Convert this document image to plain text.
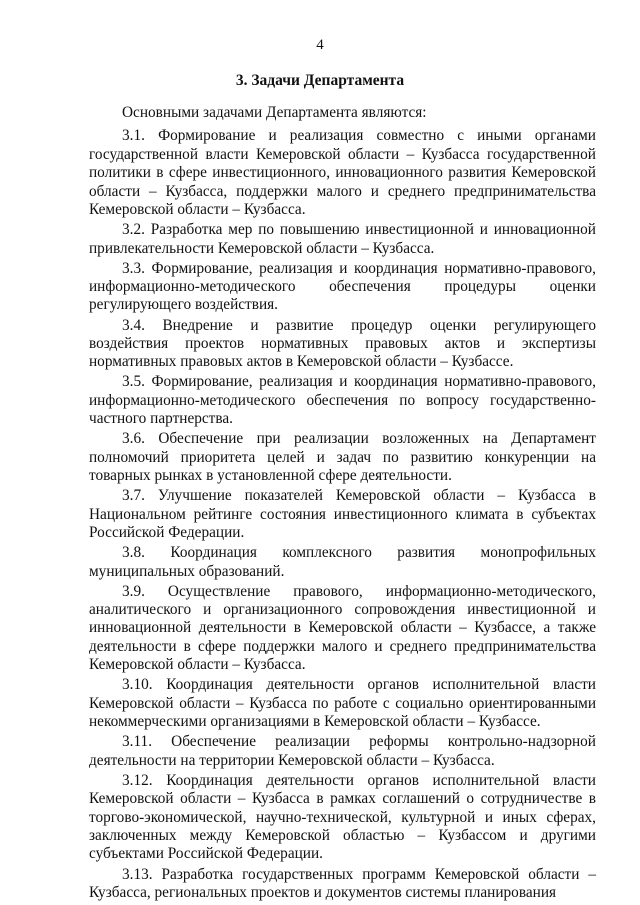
4
3. Задачи Департамента

Основными задачами Департамента являются:

3.1. Формирование и реализация совместно с иными органами государственной власти Кемеровской области – Кузбасса государственной политики в сфере инвестиционного, инновационного развития Кемеровской области – Кузбасса, поддержки малого и среднего предпринимательства Кемеровской области – Кузбасса.

3.2. Разработка мер по повышению инвестиционной и инновационной привлекательности Кемеровской области – Кузбасса.

3.3. Формирование, реализация и координация нормативно-правового, информационно-методического обеспечения процедуры оценки регулирующего воздействия.

3.4. Внедрение и развитие процедур оценки регулирующего воздействия проектов нормативных правовых актов и экспертизы нормативных правовых актов в Кемеровской области – Кузбассе.

3.5. Формирование, реализация и координация нормативно-правового, информационно-методического обеспечения по вопросу государственно-частного партнерства.

3.6. Обеспечение при реализации возложенных на Департамент полномочий приоритета целей и задач по развитию конкуренции на товарных рынках в установленной сфере деятельности.

3.7. Улучшение показателей Кемеровской области – Кузбасса в Национальном рейтинге состояния инвестиционного климата в субъектах Российской Федерации.

3.8. Координация комплексного развития монопрофильных муниципальных образований.

3.9. Осуществление правового, информационно-методического, аналитического и организационного сопровождения инвестиционной и инновационной деятельности в Кемеровской области – Кузбассе, а также деятельности в сфере поддержки малого и среднего предпринимательства Кемеровской области – Кузбасса.

3.10. Координация деятельности органов исполнительной власти Кемеровской области – Кузбасса по работе с социально ориентированными некоммерческими организациями в Кемеровской области – Кузбассе.

3.11. Обеспечение реализации реформы контрольно-надзорной деятельности на территории Кемеровской области – Кузбасса.

3.12. Координация деятельности органов исполнительной власти Кемеровской области – Кузбасса в рамках соглашений о сотрудничестве в торгово-экономической, научно-технической, культурной и иных сферах, заключенных между Кемеровской областью – Кузбассом и другими субъектами Российской Федерации.

3.13. Разработка государственных программ Кемеровской области – Кузбасса, региональных проектов и документов системы планирования
